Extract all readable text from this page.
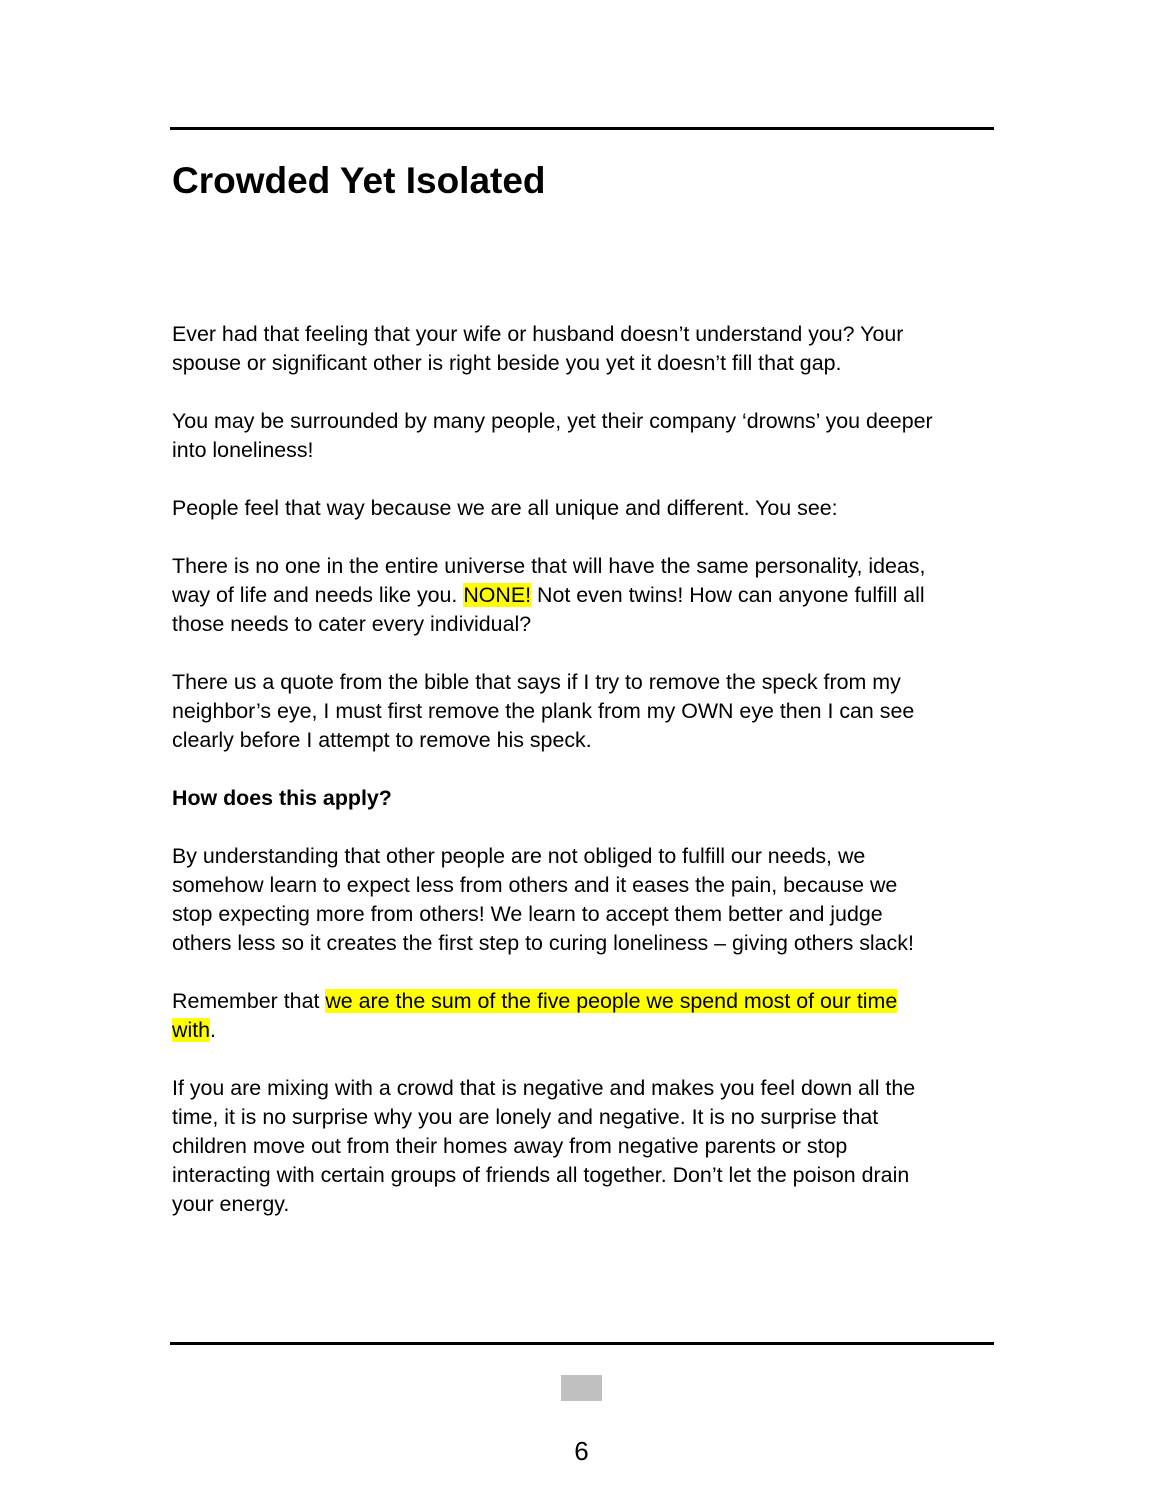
Crowded Yet Isolated

Ever had that feeling that your wife or husband doesn’t understand you? Your
spouse or significant other is right beside you yet it doesn’t fill that gap.

You may be surrounded by many people, yet their company ‘drowns’ you deeper
into loneliness!

People feel that way because we are all unique and different. You see:

There is no one in the entire universe that will have the same personality, ideas,
way of life and needs like you. NONE! Not even twins! How can anyone fulfill all
those needs to cater every individual?

There us a quote from the bible that says if I try to remove the speck from my
neighbor’s eye, I must first remove the plank from my OWN eye then I can see
clearly before I attempt to remove his speck.

How does this apply?

By understanding that other people are not obliged to fulfill our needs, we
somehow learn to expect less from others and it eases the pain, because we
stop expecting more from others! We learn to accept them better and judge
others less so it creates the first step to curing loneliness – giving others slack!

Remember that we are the sum of the five people we spend most of our time
with.

If you are mixing with a crowd that is negative and makes you feel down all the
time, it is no surprise why you are lonely and negative. It is no surprise that
children move out from their homes away from negative parents or stop
interacting with certain groups of friends all together. Don’t let the poison drain
your energy.

6
